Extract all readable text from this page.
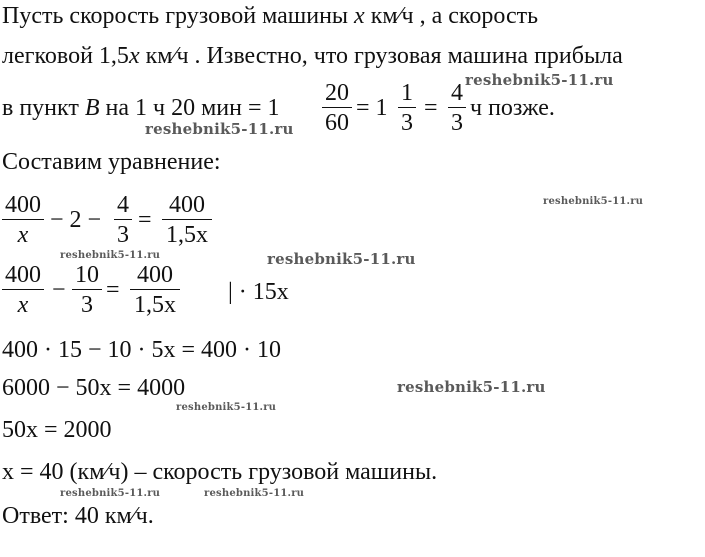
Пусть скорость грузовой машины x км⁄ч , а скорость
легковой 1,5x км⁄ч . Известно, что грузовая машина прибыла
в пункт B на 1 ч 20 мин = 1
20
60
= 1
1
3
=
4
3
ч позже.
Составим уравнение:
400
x
− 2 −
4
3
=
400
1,5x
400
x
−
10
3
=
400
1,5x | · 15x
400 · 15 − 10 · 5x = 400 · 10
6000 − 50x = 4000
50x = 2000
x = 40 (км⁄ч) – скорость грузовой машины.
Ответ: 40 км⁄ч.
reshebnik5-11.ru
reshebnik5-11.ru
reshebnik5-11.ru
reshebnik5-11.ru	reshebnik5-11.ru
reshebnik5-11.ru
reshebnik5-11.ru
reshebnik5-11.ru	reshebnik5-11.ru
